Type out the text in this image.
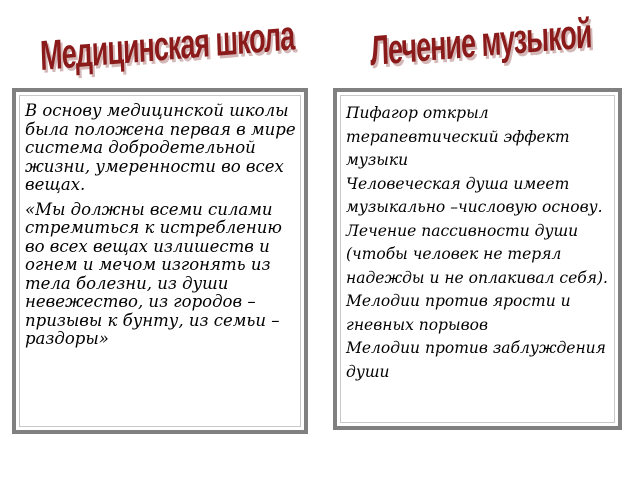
Медицинская школа	Лечение музыкой

В основу медицинской школы была положена первая в мире система добродетельной жизни, умеренности во всех вещах.

«Мы должны всеми силами стремиться к истреблению во всех вещах излишеств и огнем и мечом изгонять из тела болезни, из души невежество, из городов – призывы к бунту, из семьи – раздоры»

Пифагор открыл терапевтический эффект музыки

Человеческая душа имеет музыкально –числовую основу.

Лечение пассивности души (чтобы человек не терял надежды и не оплакивал себя).

Мелодии против ярости и гневных порывов

Мелодии против заблуждения души
